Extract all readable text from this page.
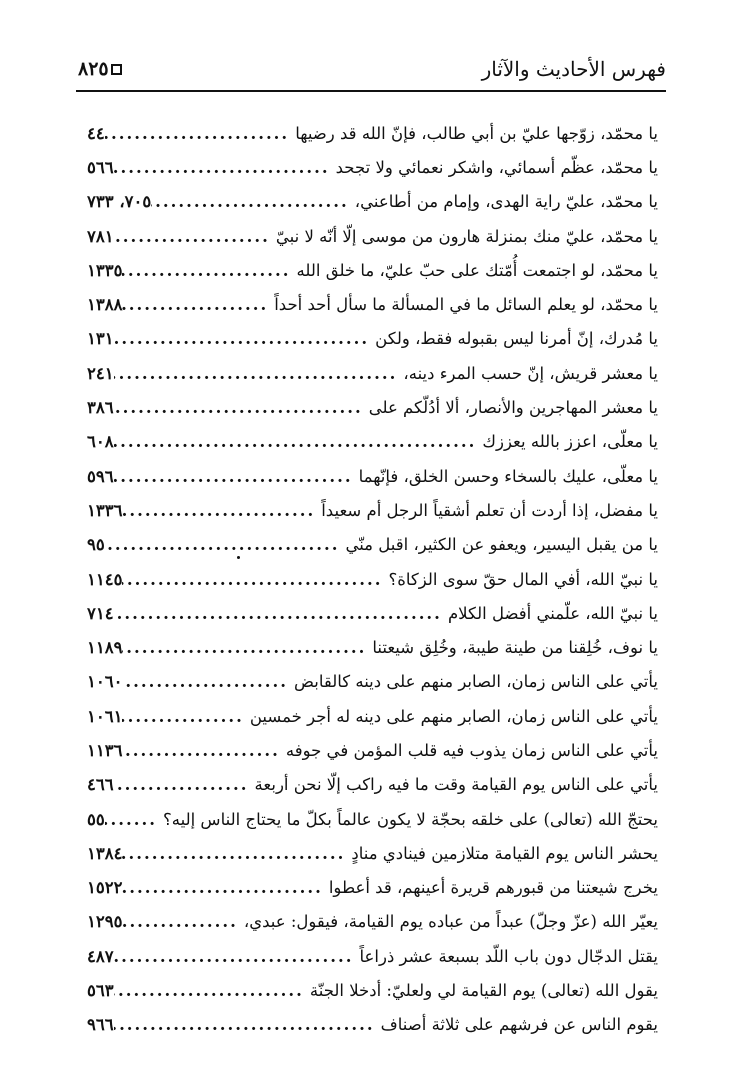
فهرس الأحاديث والآثار
٨٢٥
يا محمّد، زوّجها عليّ بن أبي طالب، فإنّ الله قد رضيها
.....
٤٤
يا محمّد، عظّم أسمائي، واشكر نعمائي ولا تجحد
.....
٥٦٦
يا محمّد، عليّ راية الهدى، وإمام من أطاعني،
.....
٧٠٥، ٧٣٣
يا محمّد، عليّ منك بمنزلة هارون من موسى إلّا أنّه لا نبيّ
.....
٧٨١
يا محمّد، لو اجتمعت أُمّتك على حبّ عليّ، ما خلق الله
.....
١٣٣٥
يا محمّد، لو يعلم السائل ما في المسألة ما سأل أحد أحداً
.....
١٣٨٨
يا مُدرك، إنّ أمرنا ليس بقبوله فقط، ولكن
.....
١٣١
يا معشر قريش، إنّ حسب المرء دينه،
.....
٢٤١
يا معشر المهاجرين والأنصار، ألا أدُلّكم على
.....
٣٨٦
يا معلّى، اعزز بالله يعززك
.....
٦٠٨
يا معلّى، عليك بالسخاء وحسن الخلق، فإنّهما
.....
٥٩٦
يا مفضل، إذا أردت أن تعلم أشقياً الرجل أم سعيداً
.....
١٣٣٦
يا من يقبل اليسير، ويعفو عن الكثير، اقبل منّي
.....
٩٥
يا نبيّ الله، أفي المال حقّ سوى الزكاة؟
.....
١١٤٥
يا نبيّ الله، علّمني أفضل الكلام
.....
٧١٤
يا نوف، خُلِقنا من طينة طيبة، وخُلِق شيعتنا
.....
١١٨٩
يأتي على الناس زمان، الصابر منهم على دينه كالقابض
.....
١٠٦٠
يأتي على الناس زمان، الصابر منهم على دينه له أجر خمسين
.....
١٠٦١
يأتي على الناس زمان يذوب فيه قلب المؤمن في جوفه
.....
١١٣٦
يأتي على الناس يوم القيامة وقت ما فيه راكب إلّا نحن أربعة
.....
٤٦٦
يحتجّ الله (تعالى) على خلقه بحجّة لا يكون عالماً بكلّ ما يحتاج الناس إليه؟
.....
٥٥
يحشر الناس يوم القيامة متلازمين فينادي منادٍ
.....
١٣٨٤
يخرج شيعتنا من قبورهم قريرة أعينهم، قد أعطوا
.....
١٥٢٢
يعيّر الله (عزّ وجلّ) عبداً من عباده يوم القيامة، فيقول: عبدي،
.....
١٢٩٥
يقتل الدجّال دون باب اللّد بسبعة عشر ذراعاً
.....
٤٨٧
يقول الله (تعالى) يوم القيامة لي ولعليّ: أدخلا الجنّة
.....
٥٦٣
يقوم الناس عن فرشهم على ثلاثة أصناف
.....
٩٦٦
